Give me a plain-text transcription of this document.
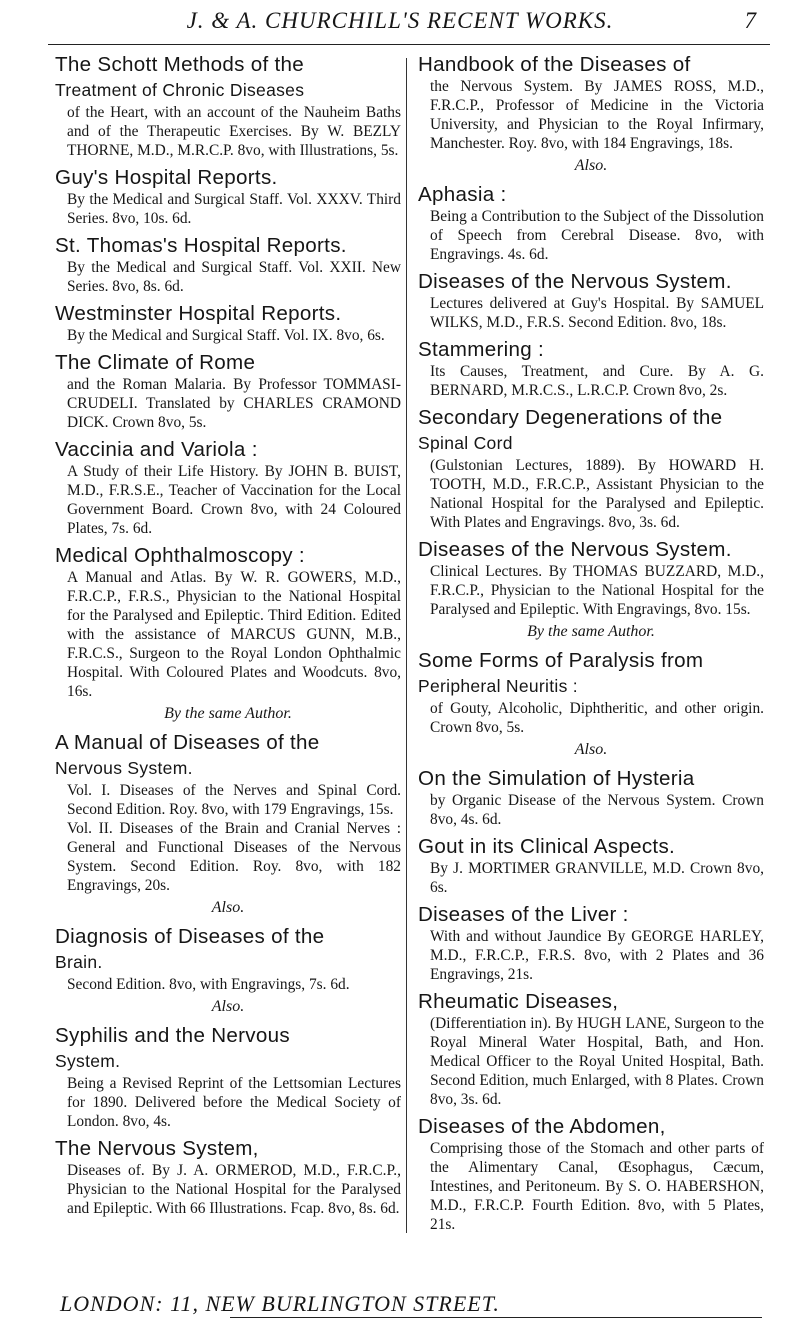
J. & A. CHURCHILL'S RECENT WORKS.	7
The Schott Methods of the
Treatment of Chronic Diseases
of the Heart, with an account of the Nauheim Baths and of the Therapeutic Exercises. By W. BEZLY THORNE, M.D., M.R.C.P. 8vo, with Illustrations, 5s.
Guy's Hospital Reports.
By the Medical and Surgical Staff. Vol. XXXV. Third Series. 8vo, 10s. 6d.
St. Thomas's Hospital Reports.
By the Medical and Surgical Staff. Vol. XXII. New Series. 8vo, 8s. 6d.
Westminster Hospital Reports.
By the Medical and Surgical Staff. Vol. IX. 8vo, 6s.
The Climate of Rome
and the Roman Malaria. By Professor TOMMASI-CRUDELI. Translated by CHARLES CRAMOND DICK. Crown 8vo, 5s.
Vaccinia and Variola :
A Study of their Life History. By JOHN B. BUIST, M.D., F.R.S.E., Teacher of Vaccination for the Local Government Board. Crown 8vo, with 24 Coloured Plates, 7s. 6d.
Medical Ophthalmoscopy :
A Manual and Atlas. By W. R. GOWERS, M.D., F.R.C.P., F.R.S., Physician to the National Hospital for the Paralysed and Epileptic. Third Edition. Edited with the assistance of MARCUS GUNN, M.B., F.R.C.S., Surgeon to the Royal London Ophthalmic Hospital. With Coloured Plates and Woodcuts. 8vo, 16s.
By the same Author.
A Manual of Diseases of the
Nervous System.
Vol. I. Diseases of the Nerves and Spinal Cord. Second Edition. Roy. 8vo, with 179 Engravings, 15s.
Vol. II. Diseases of the Brain and Cranial Nerves : General and Functional Diseases of the Nervous System. Second Edition. Roy. 8vo, with 182 Engravings, 20s.
Also.
Diagnosis of Diseases of the
Brain.
Second Edition. 8vo, with Engravings, 7s. 6d.
Also.
Syphilis and the Nervous
System.
Being a Revised Reprint of the Lettsomian Lectures for 1890. Delivered before the Medical Society of London. 8vo, 4s.
The Nervous System,
Diseases of. By J. A. ORMEROD, M.D., F.R.C.P., Physician to the National Hospital for the Paralysed and Epileptic. With 66 Illustrations. Fcap. 8vo, 8s. 6d.
Handbook of the Diseases of
the Nervous System. By JAMES ROSS, M.D., F.R.C.P., Professor of Medicine in the Victoria University, and Physician to the Royal Infirmary, Manchester. Roy. 8vo, with 184 Engravings, 18s.
Also.
Aphasia :
Being a Contribution to the Subject of the Dissolution of Speech from Cerebral Disease. 8vo, with Engravings. 4s. 6d.
Diseases of the Nervous System.
Lectures delivered at Guy's Hospital. By SAMUEL WILKS, M.D., F.R.S. Second Edition. 8vo, 18s.
Stammering :
Its Causes, Treatment, and Cure. By A. G. BERNARD, M.R.C.S., L.R.C.P. Crown 8vo, 2s.
Secondary Degenerations of the
Spinal Cord
(Gulstonian Lectures, 1889). By HOWARD H. TOOTH, M.D., F.R.C.P., Assistant Physician to the National Hospital for the Paralysed and Epileptic. With Plates and Engravings. 8vo, 3s. 6d.
Diseases of the Nervous System.
Clinical Lectures. By THOMAS BUZZARD, M.D., F.R.C.P., Physician to the National Hospital for the Paralysed and Epileptic. With Engravings, 8vo. 15s.
By the same Author.
Some Forms of Paralysis from
Peripheral Neuritis :
of Gouty, Alcoholic, Diphtheritic, and other origin. Crown 8vo, 5s.
Also.
On the Simulation of Hysteria
by Organic Disease of the Nervous System. Crown 8vo, 4s. 6d.
Gout in its Clinical Aspects.
By J. MORTIMER GRANVILLE, M.D. Crown 8vo, 6s.
Diseases of the Liver :
With and without Jaundice By GEORGE HARLEY, M.D., F.R.C.P., F.R.S. 8vo, with 2 Plates and 36 Engravings, 21s.
Rheumatic Diseases,
(Differentiation in). By HUGH LANE, Surgeon to the Royal Mineral Water Hospital, Bath, and Hon. Medical Officer to the Royal United Hospital, Bath. Second Edition, much Enlarged, with 8 Plates. Crown 8vo, 3s. 6d.
Diseases of the Abdomen,
Comprising those of the Stomach and other parts of the Alimentary Canal, Œsophagus, Cæcum, Intestines, and Peritoneum. By S. O. HABERSHON, M.D., F.R.C.P. Fourth Edition. 8vo, with 5 Plates, 21s.
LONDON: 11, NEW BURLINGTON STREET.
